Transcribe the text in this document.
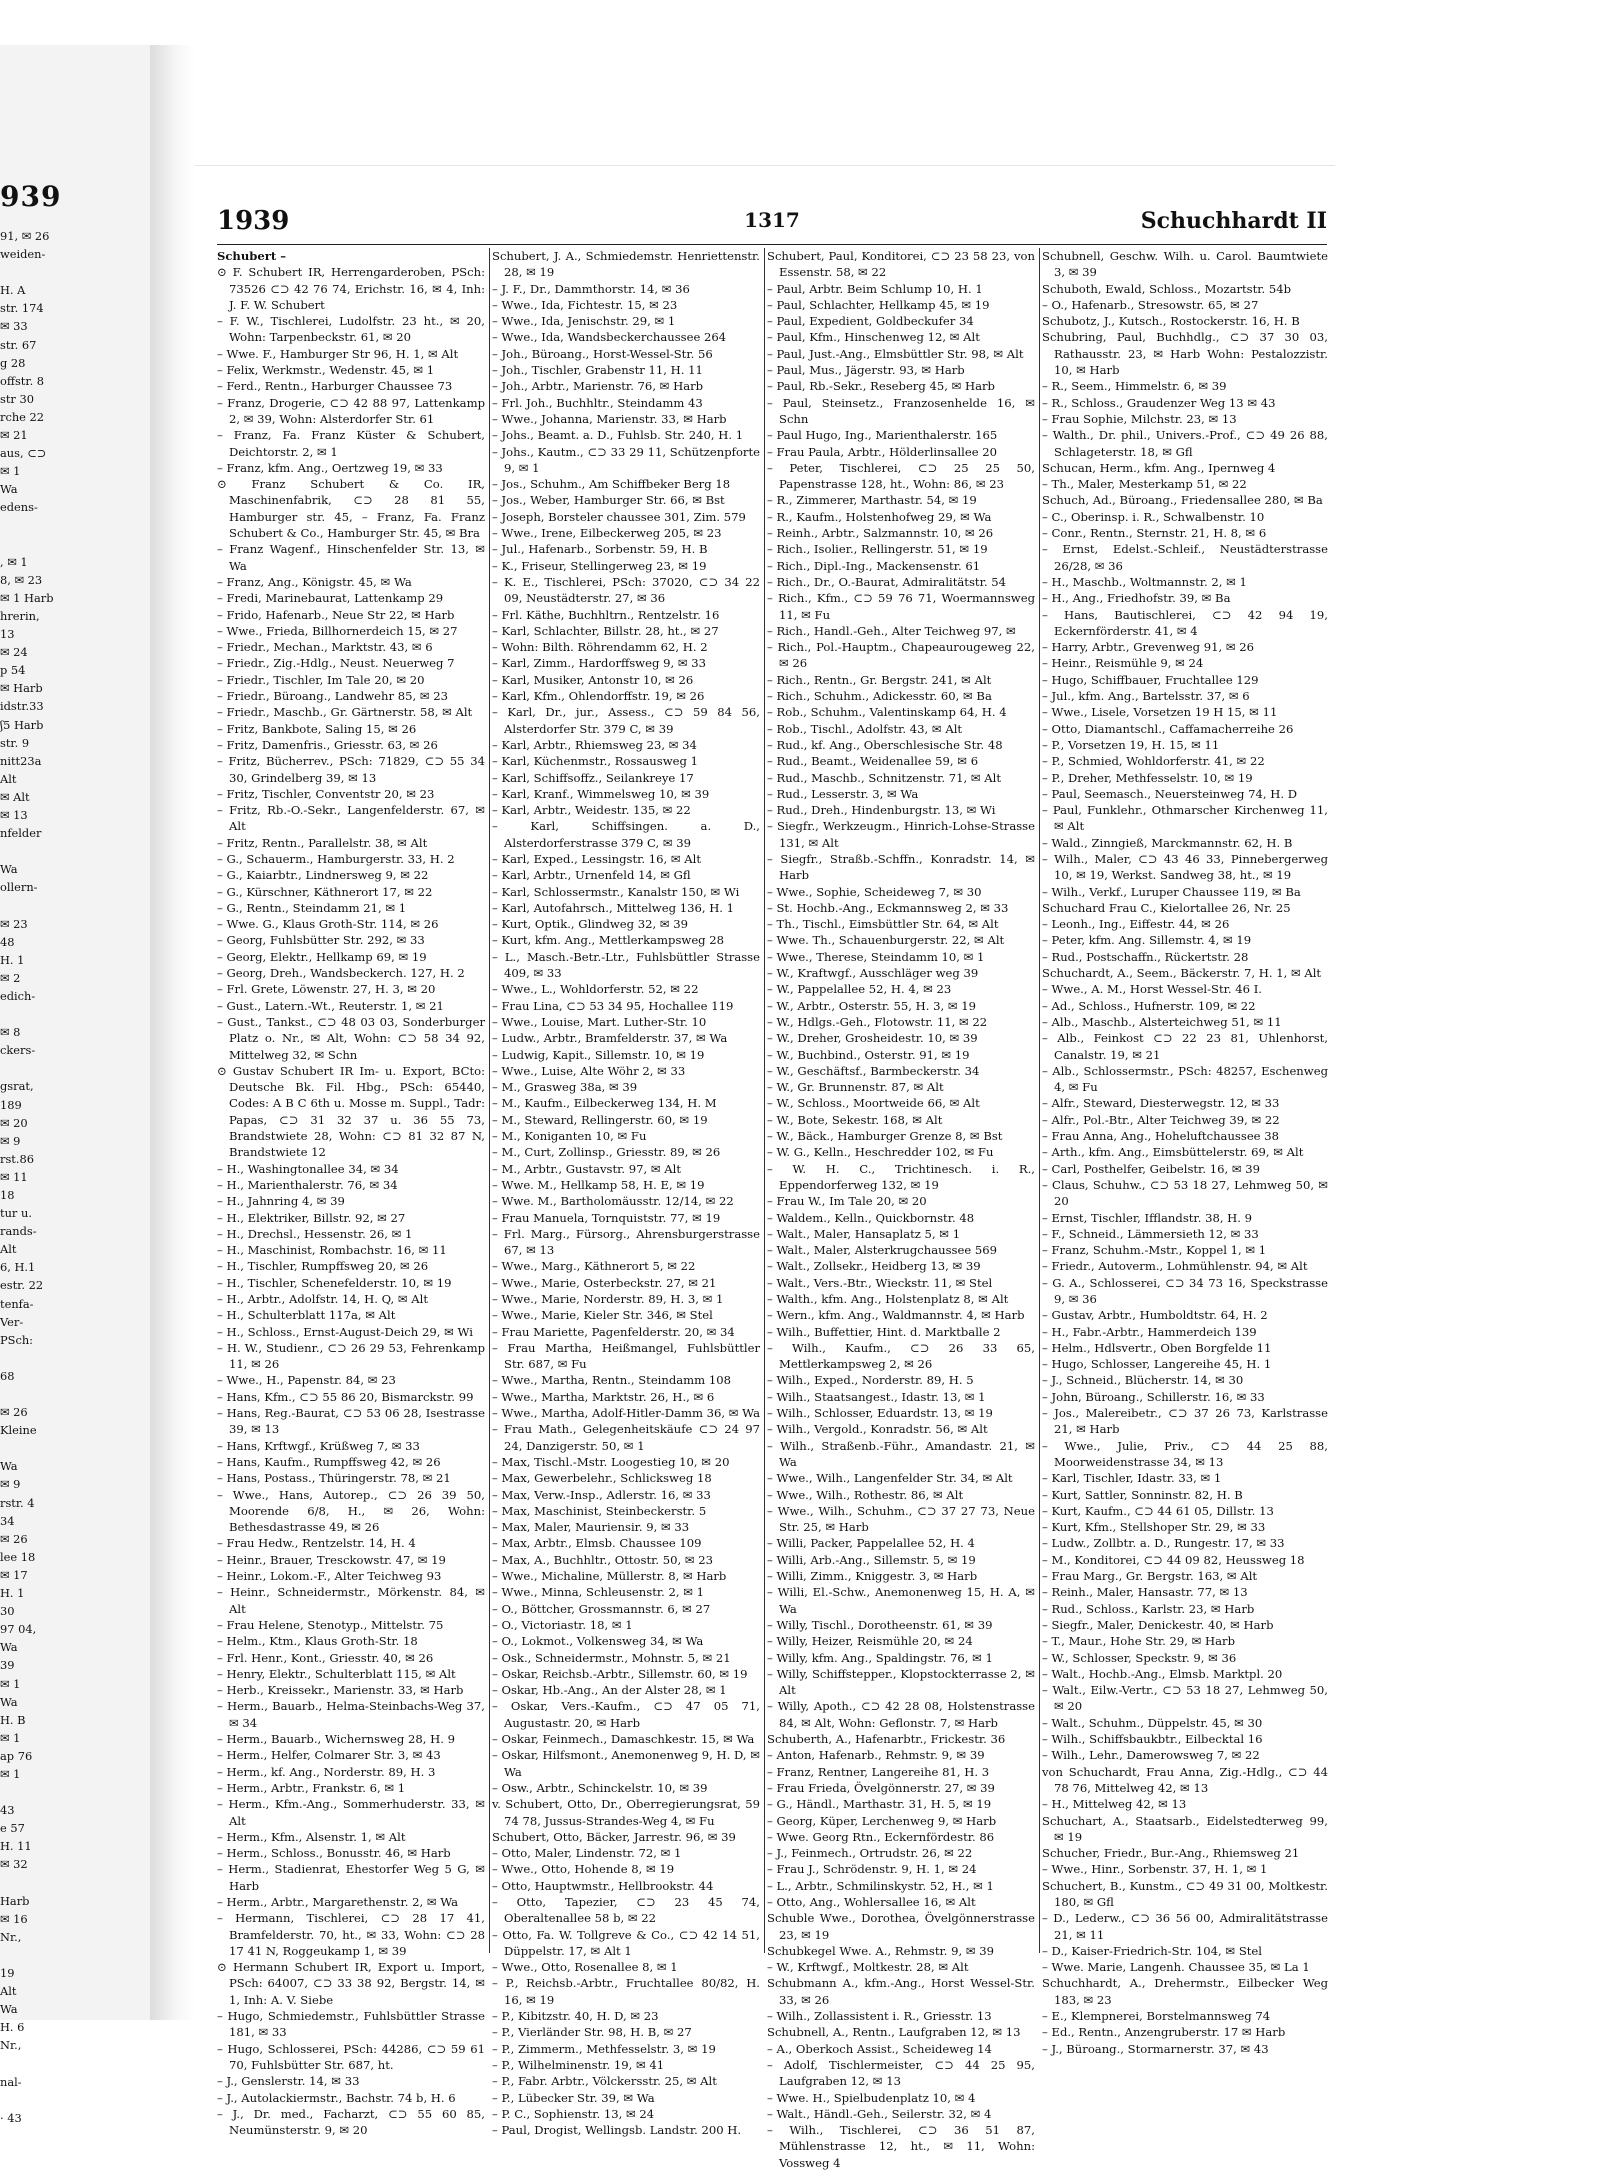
939
91, ✉ 26
weiden-

H. A
str. 174
✉ 33
str. 67
g 28
offstr. 8
str 30
rche 22
✉ 21
aus, ⊂⊃
✉ 1
Wa
edens-

, ✉ 1
8, ✉ 23
✉ 1 Harb
hrerin,
13
✉ 24
p 54
✉ Harb
idstr.33
ʃ5 Harb
str. 9
nitt23a
Alt
✉ Alt
✉ 13
nfelder

Wa
ollern-

✉ 23
48
H. 1
✉ 2
edich-

✉ 8
ckers-

gsrat,
189
✉ 20
✉ 9
rst.86
✉ 11
18
tur u.
rands-
Alt
6, H.1
estr. 22
tenfa-
Ver-
PSch:

68

✉ 26
Kleine

Wa
✉ 9
rstr. 4
34
✉ 26
lee 18
✉ 17
H. 1
30
97 04,
Wa
39
✉ 1
Wa
H. B
✉ 1
ap 76
✉ 1

43
e 57
H. 11
✉ 32

Harb
✉ 16
Nr.,

19
Alt
Wa
H. 6
Nr.,

nal-

· 43
1939	1317	Schuchhardt II
Schubert –
⊙ F. Schubert IR, Herrengarderoben, PSch: 73526 ⊂⊃ 42 76 74, Erichstr. 16, ✉ 4, Inh: J. F. W. Schubert
– F. W., Tischlerei, Ludolfstr. 23 ht., ✉ 20, Wohn: Tarpenbeckstr. 61, ✉ 20
– Wwe. F., Hamburger Str 96, H. 1, ✉ Alt
– Felix, Werkmstr., Wedenstr. 45, ✉ 1
– Ferd., Rentn., Harburger Chaussee 73
– Franz, Drogerie, ⊂⊃ 42 88 97, Lattenkamp 2, ✉ 39, Wohn: Alsterdorfer Str. 61
– Franz, Fa. Franz Küster & Schubert, Deichtorstr. 2, ✉ 1
– Franz, kfm. Ang., Oertzweg 19, ✉ 33
⊙ Franz Schubert & Co. IR, Maschinenfabrik, ⊂⊃ 28 81 55, Hamburger str. 45, – Franz, Fa. Franz Schubert & Co., Hamburger Str. 45, ✉ Bra
– Franz Wagenf., Hinschenfelder Str. 13, ✉ Wa
– Franz, Ang., Königstr. 45, ✉ Wa
– Fredi, Marinebaurat, Lattenkamp 29
– Frido, Hafenarb., Neue Str 22, ✉ Harb
– Wwe., Frieda, Billhornerdeich 15, ✉ 27
– Friedr., Mechan., Marktstr. 43, ✉ 6
– Friedr., Zig.-Hdlg., Neust. Neuerweg 7
– Friedr., Tischler, Im Tale 20, ✉ 20
– Friedr., Büroang., Landwehr 85, ✉ 23
– Friedr., Maschb., Gr. Gärtnerstr. 58, ✉ Alt
– Fritz, Bankbote, Saling 15, ✉ 26
– Fritz, Damenfris., Griesstr. 63, ✉ 26
– Fritz, Bücherrev., PSch: 71829, ⊂⊃ 55 34 30, Grindelberg 39, ✉ 13
– Fritz, Tischler, Conventstr 20, ✉ 23
– Fritz, Rb.-O.-Sekr., Langenfelderstr. 67, ✉ Alt
– Fritz, Rentn., Parallelstr. 38, ✉ Alt
– G., Schauerm., Hamburgerstr. 33, H. 2
– G., Kaiarbtr., Lindnersweg 9, ✉ 22
– G., Kürschner, Käthnerort 17, ✉ 22
– G., Rentn., Steindamm 21, ✉ 1
– Wwe. G., Klaus Groth-Str. 114, ✉ 26
– Georg, Fuhlsbütter Str. 292, ✉ 33
– Georg, Elektr., Hellkamp 69, ✉ 19
– Georg, Dreh., Wandsbeckerch. 127, H. 2
– Frl. Grete, Löwenstr. 27, H. 3, ✉ 20
– Gust., Latern.-Wt., Reuterstr. 1, ✉ 21
– Gust., Tankst., ⊂⊃ 48 03 03, Sonderburger Platz o. Nr., ✉ Alt, Wohn: ⊂⊃ 58 34 92, Mittelweg 32, ✉ Schn
⊙ Gustav Schubert IR Im- u. Export, BCto: Deutsche Bk. Fil. Hbg., PSch: 65440, Codes: A B C 6th u. Mosse m. Suppl., Tadr: Papas, ⊂⊃ 31 32 37 u. 36 55 73, Brandstwiete 28, Wohn: ⊂⊃ 81 32 87 N, Brandstwiete 12
– H., Washingtonallee 34, ✉ 34
– H., Marienthalerstr. 76, ✉ 34
– H., Jahnring 4, ✉ 39
– H., Elektriker, Billstr. 92, ✉ 27
– H., Drechsl., Hessenstr. 26, ✉ 1
– H., Maschinist, Rombachstr. 16, ✉ 11
– H., Tischler, Rumpffsweg 20, ✉ 26
– H., Tischler, Schenefelderstr. 10, ✉ 19
– H., Arbtr., Adolfstr. 14, H. Q, ✉ Alt
– H., Schulterblatt 117a, ✉ Alt
– H., Schloss., Ernst-August-Deich 29, ✉ Wi
– H. W., Studienr., ⊂⊃ 26 29 53, Fehrenkamp 11, ✉ 26
– Wwe., H., Papenstr. 84, ✉ 23
– Hans, Kfm., ⊂⊃ 55 86 20, Bismarckstr. 99
– Hans, Reg.-Baurat, ⊂⊃ 53 06 28, Isestrasse 39, ✉ 13
– Hans, Krftwgf., Krüßweg 7, ✉ 33
– Hans, Kaufm., Rumpffsweg 42, ✉ 26
– Hans, Postass., Thüringerstr. 78, ✉ 21
– Wwe., Hans, Autorep., ⊂⊃ 26 39 50, Moorende 6/8, H., ✉ 26, Wohn: Bethesdastrasse 49, ✉ 26
– Frau Hedw., Rentzelstr. 14, H. 4
– Heinr., Brauer, Tresckowstr. 47, ✉ 19
– Heinr., Lokom.-F., Alter Teichweg 93
– Heinr., Schneidermstr., Mörkenstr. 84, ✉ Alt
– Frau Helene, Stenotyp., Mittelstr. 75
– Helm., Ktm., Klaus Groth-Str. 18
– Frl. Henr., Kont., Griesstr. 40, ✉ 26
– Henry, Elektr., Schulterblatt 115, ✉ Alt
– Herb., Kreissekr., Marienstr. 33, ✉ Harb
– Herm., Bauarb., Helma-Steinbachs-Weg 37, ✉ 34
– Herm., Bauarb., Wichernsweg 28, H. 9
– Herm., Helfer, Colmarer Str. 3, ✉ 43
– Herm., kf. Ang., Norderstr. 89, H. 3
– Herm., Arbtr., Frankstr. 6, ✉ 1
– Herm., Kfm.-Ang., Sommerhuderstr. 33, ✉ Alt
– Herm., Kfm., Alsenstr. 1, ✉ Alt
– Herm., Schloss., Bonusstr. 46, ✉ Harb
– Herm., Stadienrat, Ehestorfer Weg 5 G, ✉ Harb
– Herm., Arbtr., Margarethenstr. 2, ✉ Wa
– Hermann, Tischlerei, ⊂⊃ 28 17 41, Bramfelderstr. 70, ht., ✉ 33, Wohn: ⊂⊃ 28 17 41 N, Roggeukamp 1, ✉ 39
⊙ Hermann Schubert IR, Export u. Import, PSch: 64007, ⊂⊃ 33 38 92, Bergstr. 14, ✉ 1, Inh: A. V. Siebe
– Hugo, Schmiedemstr., Fuhlsbüttler Strasse 181, ✉ 33
– Hugo, Schlosserei, PSch: 44286, ⊂⊃ 59 61 70, Fuhlsbütter Str. 687, ht.
– J., Genslerstr. 14, ✉ 33
– J., Autolackiermstr., Bachstr. 74 b, H. 6
– J., Dr. med., Facharzt, ⊂⊃ 55 60 85, Neumünsterstr. 9, ✉ 20
Schubert, J. A., Schmiedemstr. Henriettenstr. 28, ✉ 19
– J. F., Dr., Dammthorstr. 14, ✉ 36
– Wwe., Ida, Fichtestr. 15, ✉ 23
– Wwe., Ida, Jenischstr. 29, ✉ 1
– Wwe., Ida, Wandsbeckerchaussee 264
– Joh., Büroang., Horst-Wessel-Str. 56
– Joh., Tischler, Grabenstr 11, H. 11
– Joh., Arbtr., Marienstr. 76, ✉ Harb
– Frl. Joh., Buchhltr., Steindamm 43
– Wwe., Johanna, Marienstr. 33, ✉ Harb
– Johs., Beamt. a. D., Fuhlsb. Str. 240, H. 1
– Johs., Kautm., ⊂⊃ 33 29 11, Schützenpforte 9, ✉ 1
– Jos., Schuhm., Am Schiffbeker Berg 18
– Jos., Weber, Hamburger Str. 66, ✉ Bst
– Joseph, Borsteler chaussee 301, Zim. 579
– Wwe., Irene, Eilbeckerweg 205, ✉ 23
– Jul., Hafenarb., Sorbenstr. 59, H. B
– K., Friseur, Stellingerweg 23, ✉ 19
– K. E., Tischlerei, PSch: 37020, ⊂⊃ 34 22 09, Neustädterstr. 27, ✉ 36
– Frl. Käthe, Buchhltrn., Rentzelstr. 16
– Karl, Schlachter, Billstr. 28, ht., ✉ 27
– Wohn: Bilth. Röhrendamm 62, H. 2
– Karl, Zimm., Hardorffsweg 9, ✉ 33
– Karl, Musiker, Antonstr 10, ✉ 26
– Karl, Kfm., Ohlendorffstr. 19, ✉ 26
– Karl, Dr., jur., Assess., ⊂⊃ 59 84 56, Alsterdorfer Str. 379 C, ✉ 39
– Karl, Arbtr., Rhiemsweg 23, ✉ 34
– Karl, Küchenmstr., Rossausweg 1
– Karl, Schiffsoffz., Seilankreye 17
– Karl, Kranf., Wimmelsweg 10, ✉ 39
– Karl, Arbtr., Weidestr. 135, ✉ 22
– Karl, Schiffsingen. a. D., Alsterdorferstrasse 379 C, ✉ 39
– Karl, Exped., Lessingstr. 16, ✉ Alt
– Karl, Arbtr., Urnenfeld 14, ✉ Gfl
– Karl, Schlossermstr., Kanalstr 150, ✉ Wi
– Karl, Autofahrsch., Mittelweg 136, H. 1
– Kurt, Optik., Glindweg 32, ✉ 39
– Kurt, kfm. Ang., Mettlerkampsweg 28
– L., Masch.-Betr.-Ltr., Fuhlsbüttler Strasse 409, ✉ 33
– Wwe., L., Wohldorferstr. 52, ✉ 22
– Frau Lina, ⊂⊃ 53 34 95, Hochallee 119
– Wwe., Louise, Mart. Luther-Str. 10
– Ludw., Arbtr., Bramfelderstr. 37, ✉ Wa
– Ludwig, Kapit., Sillemstr. 10, ✉ 19
– Wwe., Luise, Alte Wöhr 2, ✉ 33
– M., Grasweg 38a, ✉ 39
– M., Kaufm., Eilbeckerweg 134, H. M
– M., Steward, Rellingerstr. 60, ✉ 19
– M., Koniganten 10, ✉ Fu
– M., Curt, Zollinsp., Griesstr. 89, ✉ 26
– M., Arbtr., Gustavstr. 97, ✉ Alt
– Wwe. M., Hellkamp 58, H. E, ✉ 19
– Wwe. M., Bartholomäusstr. 12/14, ✉ 22
– Frau Manuela, Tornquiststr. 77, ✉ 19
– Frl. Marg., Fürsorg., Ahrensburgerstrasse 67, ✉ 13
– Wwe., Marg., Käthnerort 5, ✉ 22
– Wwe., Marie, Osterbeckstr. 27, ✉ 21
– Wwe., Marie, Norderstr. 89, H. 3, ✉ 1
– Wwe., Marie, Kieler Str. 346, ✉ Stel
– Frau Mariette, Pagenfelderstr. 20, ✉ 34
– Frau Martha, Heißmangel, Fuhlsbüttler Str. 687, ✉ Fu
– Wwe., Martha, Rentn., Steindamm 108
– Wwe., Martha, Marktstr. 26, H., ✉ 6
– Wwe., Martha, Adolf-Hitler-Damm 36, ✉ Wa
– Frau Math., Gelegenheitskäufe ⊂⊃ 24 97 24, Danzigerstr. 50, ✉ 1
– Max, Tischl.-Mstr. Loogestieg 10, ✉ 20
– Max, Gewerbelehr., Schlicksweg 18
– Max, Verw.-Insp., Adlerstr. 16, ✉ 33
– Max, Maschinist, Steinbeckerstr. 5
– Max, Maler, Mauriensir. 9, ✉ 33
– Max, Arbtr., Elmsb. Chaussee 109
– Max, A., Buchhltr., Ottostr. 50, ✉ 23
– Wwe., Michaline, Müllerstr. 8, ✉ Harb
– Wwe., Minna, Schleusenstr. 2, ✉ 1
– O., Böttcher, Grossmannstr. 6, ✉ 27
– O., Victoriastr. 18, ✉ 1
– O., Lokmot., Volkensweg 34, ✉ Wa
– Osk., Schneidermstr., Mohnstr. 5, ✉ 21
– Oskar, Reichsb.-Arbtr., Sillemstr. 60, ✉ 19
– Oskar, Hb.-Ang., An der Alster 28, ✉ 1
– Oskar, Vers.-Kaufm., ⊂⊃ 47 05 71, Augustastr. 20, ✉ Harb
– Oskar, Feinmech., Damaschkestr. 15, ✉ Wa
– Oskar, Hilfsmont., Anemonenweg 9, H. D, ✉ Wa
– Osw., Arbtr., Schinckelstr. 10, ✉ 39
v. Schubert, Otto, Dr., Oberregierungsrat, 59 74 78, Jussus-Strandes-Weg 4, ✉ Fu
Schubert, Otto, Bäcker, Jarrestr. 96, ✉ 39
– Otto, Maler, Lindenstr. 72, ✉ 1
– Wwe., Otto, Hohende 8, ✉ 19
– Otto, Hauptwmstr., Hellbrookstr. 44
– Otto, Tapezier, ⊂⊃ 23 45 74, Oberaltenallee 58 b, ✉ 22
– Otto, Fa. W. Tollgreve & Co., ⊂⊃ 42 14 51, Düppelstr. 17, ✉ Alt 1
– Wwe., Otto, Rosenallee 8, ✉ 1
– P., Reichsb.-Arbtr., Fruchtallee 80/82, H. 16, ✉ 19
– P., Kibitzstr. 40, H. D, ✉ 23
– P., Vierländer Str. 98, H. B, ✉ 27
– P., Zimmerm., Methfesselstr. 3, ✉ 19
– P., Wilhelminenstr. 19, ✉ 41
– P., Fabr. Arbtr., Völckersstr. 25, ✉ Alt
– P., Lübecker Str. 39, ✉ Wa
– P. C., Sophienstr. 13, ✉ 24
– Paul, Drogist, Wellingsb. Landstr. 200 H.
Schubert, Paul, Konditorei, ⊂⊃ 23 58 23, von Essenstr. 58, ✉ 22
– Paul, Arbtr. Beim Schlump 10, H. 1
– Paul, Schlachter, Hellkamp 45, ✉ 19
– Paul, Expedient, Goldbeckufer 34
– Paul, Kfm., Hinschenweg 12, ✉ Alt
– Paul, Just.-Ang., Elmsbüttler Str. 98, ✉ Alt
– Paul, Mus., Jägerstr. 93, ✉ Harb
– Paul, Rb.-Sekr., Reseberg 45, ✉ Harb
– Paul, Steinsetz., Franzosenhelde 16, ✉ Schn
– Paul Hugo, Ing., Marienthalerstr. 165
– Frau Paula, Arbtr., Hölderlinsallee 20
– Peter, Tischlerei, ⊂⊃ 25 25 50, Papenstrasse 128, ht., Wohn: 86, ✉ 23
– R., Zimmerer, Marthastr. 54, ✉ 19
– R., Kaufm., Holstenhofweg 29, ✉ Wa
– Reinh., Arbtr., Salzmannstr. 10, ✉ 26
– Rich., Isolier., Rellingerstr. 51, ✉ 19
– Rich., Dipl.-Ing., Mackensenstr. 61
– Rich., Dr., O.-Baurat, Admiralitätstr. 54
– Rich., Kfm., ⊂⊃ 59 76 71, Woermannsweg 11, ✉ Fu
– Rich., Handl.-Geh., Alter Teichweg 97, ✉
– Rich., Pol.-Hauptm., Chapeaurougeweg 22, ✉ 26
– Rich., Rentn., Gr. Bergstr. 241, ✉ Alt
– Rich., Schuhm., Adickesstr. 60, ✉ Ba
– Rob., Schuhm., Valentinskamp 64, H. 4
– Rob., Tischl., Adolfstr. 43, ✉ Alt
– Rud., kf. Ang., Oberschlesische Str. 48
– Rud., Beamt., Weidenallee 59, ✉ 6
– Rud., Maschb., Schnitzenstr. 71, ✉ Alt
– Rud., Lesserstr. 3, ✉ Wa
– Rud., Dreh., Hindenburgstr. 13, ✉ Wi
– Siegfr., Werkzeugm., Hinrich-Lohse-Strasse 131, ✉ Alt
– Siegfr., Straßb.-Schffn., Konradstr. 14, ✉ Harb
– Wwe., Sophie, Scheideweg 7, ✉ 30
– St. Hochb.-Ang., Eckmannsweg 2, ✉ 33
– Th., Tischl., Eimsbüttler Str. 64, ✉ Alt
– Wwe. Th., Schauenburgerstr. 22, ✉ Alt
– Wwe., Therese, Steindamm 10, ✉ 1
– W., Kraftwgf., Ausschläger weg 39
– W., Pappelallee 52, H. 4, ✉ 23
– W., Arbtr., Osterstr. 55, H. 3, ✉ 19
– W., Hdlgs.-Geh., Flotowstr. 11, ✉ 22
– W., Dreher, Grosheidestr. 10, ✉ 39
– W., Buchbind., Osterstr. 91, ✉ 19
– W., Geschäftsf., Barmbeckerstr. 34
– W., Gr. Brunnenstr. 87, ✉ Alt
– W., Schloss., Moortweide 66, ✉ Alt
– W., Bote, Sekestr. 168, ✉ Alt
– W., Bäck., Hamburger Grenze 8, ✉ Bst
– W. G., Kelln., Heschredder 102, ✉ Fu
– W. H. C., Trichtinesch. i. R., Eppendorferweg 132, ✉ 19
– Frau W., Im Tale 20, ✉ 20
– Waldem., Kelln., Quickbornstr. 48
– Walt., Maler, Hansaplatz 5, ✉ 1
– Walt., Maler, Alsterkrugchaussee 569
– Walt., Zollsekr., Heidberg 13, ✉ 39
– Walt., Vers.-Btr., Wieckstr. 11, ✉ Stel
– Walth., kfm. Ang., Holstenplatz 8, ✉ Alt
– Wern., kfm. Ang., Waldmannstr. 4, ✉ Harb
– Wilh., Buffettier, Hint. d. Marktballe 2
– Wilh., Kaufm., ⊂⊃ 26 33 65, Mettlerkampsweg 2, ✉ 26
– Wilh., Exped., Norderstr. 89, H. 5
– Wilh., Staatsangest., Idastr. 13, ✉ 1
– Wilh., Schlosser, Eduardstr. 13, ✉ 19
– Wilh., Vergold., Konradstr. 56, ✉ Alt
– Wilh., Straßenb.-Führ., Amandastr. 21, ✉ Wa
– Wwe., Wilh., Langenfelder Str. 34, ✉ Alt
– Wwe., Wilh., Rothestr. 86, ✉ Alt
– Wwe., Wilh., Schuhm., ⊂⊃ 37 27 73, Neue Str. 25, ✉ Harb
– Willi, Packer, Pappelallee 52, H. 4
– Willi, Arb.-Ang., Sillemstr. 5, ✉ 19
– Willi, Zimm., Kniggestr. 3, ✉ Harb
– Willi, El.-Schw., Anemonenweg 15, H. A, ✉ Wa
– Willy, Tischl., Dorotheenstr. 61, ✉ 39
– Willy, Heizer, Reismühle 20, ✉ 24
– Willy, kfm. Ang., Spaldingstr. 76, ✉ 1
– Willy, Schiffstepper., Klopstockterrasse 2, ✉ Alt
– Willy, Apoth., ⊂⊃ 42 28 08, Holstenstrasse 84, ✉ Alt, Wohn: Geflonstr. 7, ✉ Harb
Schuberth, A., Hafenarbtr., Frickestr. 36
– Anton, Hafenarb., Rehmstr. 9, ✉ 39
– Franz, Rentner, Langereihe 81, H. 3
– Frau Frieda, Övelgönnerstr. 27, ✉ 39
– G., Händl., Marthastr. 31, H. 5, ✉ 19
– Georg, Küper, Lerchenweg 9, ✉ Harb
– Wwe. Georg Rtn., Eckernfördestr. 86
– J., Feinmech., Ortrudstr. 26, ✉ 22
– Frau J., Schrödenstr. 9, H. 1, ✉ 24
– L., Arbtr., Schmilinskystr. 52, H., ✉ 1
– Otto, Ang., Wohlersallee 16, ✉ Alt
Schuble Wwe., Dorothea, Övelgönnerstrasse 23, ✉ 19
Schubkegel Wwe. A., Rehmstr. 9, ✉ 39
– W., Krftwgf., Moltkestr. 28, ✉ Alt
Schubmann A., kfm.-Ang., Horst Wessel-Str. 33, ✉ 26
– Wilh., Zollassistent i. R., Griesstr. 13
Schubnell, A., Rentn., Laufgraben 12, ✉ 13
– A., Oberkoch Assist., Scheideweg 14
– Adolf, Tischlermeister, ⊂⊃ 44 25 95, Laufgraben 12, ✉ 13
– Wwe. H., Spielbudenplatz 10, ✉ 4
– Walt., Händl.-Geh., Seilerstr. 32, ✉ 4
– Wilh., Tischlerei, ⊂⊃ 36 51 87, Mühlenstrasse 12, ht., ✉ 11, Wohn: Vossweg 4
Schubnell, Geschw. Wilh. u. Carol. Baumtwiete 3, ✉ 39
Schuboth, Ewald, Schloss., Mozartstr. 54b
– O., Hafenarb., Stresowstr. 65, ✉ 27
Schubotz, J., Kutsch., Rostockerstr. 16, H. B
Schubring, Paul, Buchhdlg., ⊂⊃ 37 30 03, Rathausstr. 23, ✉ Harb Wohn: Pestalozzistr. 10, ✉ Harb
– R., Seem., Himmelstr. 6, ✉ 39
– R., Schloss., Graudenzer Weg 13 ✉ 43
– Frau Sophie, Milchstr. 23, ✉ 13
– Walth., Dr. phil., Univers.-Prof., ⊂⊃ 49 26 88, Schlageterstr. 18, ✉ Gfl
Schucan, Herm., kfm. Ang., Ipernweg 4
– Th., Maler, Mesterkamp 51, ✉ 22
Schuch, Ad., Büroang., Friedensallee 280, ✉ Ba
– C., Oberinsp. i. R., Schwalbenstr. 10
– Conr., Rentn., Sternstr. 21, H. 8, ✉ 6
– Ernst, Edelst.-Schleif., Neustädterstrasse 26/28, ✉ 36
– H., Maschb., Woltmannstr. 2, ✉ 1
– H., Ang., Friedhofstr. 39, ✉ Ba
– Hans, Bautischlerei, ⊂⊃ 42 94 19, Eckernförderstr. 41, ✉ 4
– Harry, Arbtr., Grevenweg 91, ✉ 26
– Heinr., Reismühle 9, ✉ 24
– Hugo, Schiffbauer, Fruchtallee 129
– Jul., kfm. Ang., Bartelsstr. 37, ✉ 6
– Wwe., Lisele, Vorsetzen 19 H 15, ✉ 11
– Otto, Diamantschl., Caffamacherreihe 26
– P., Vorsetzen 19, H. 15, ✉ 11
– P., Schmied, Wohldorferstr. 41, ✉ 22
– P., Dreher, Methfesselstr. 10, ✉ 19
– Paul, Seemasch., Neuersteinweg 74, H. D
– Paul, Funklehr., Othmarscher Kirchenweg 11, ✉ Alt
– Wald., Zinngieß, Marckmannstr. 62, H. B
– Wilh., Maler, ⊂⊃ 43 46 33, Pinnebergerweg 10, ✉ 19, Werkst. Sandweg 38, ht., ✉ 19
– Wilh., Verkf., Luruper Chaussee 119, ✉ Ba
Schuchard Frau C., Kielortallee 26, Nr. 25
– Leonh., Ing., Eiffestr. 44, ✉ 26
– Peter, kfm. Ang. Sillemstr. 4, ✉ 19
– Rud., Postschaffn., Rückertstr. 28
Schuchardt, A., Seem., Bäckerstr. 7, H. 1, ✉ Alt
– Wwe., A. M., Horst Wessel-Str. 46 I.
– Ad., Schloss., Hufnerstr. 109, ✉ 22
– Alb., Maschb., Alsterteichweg 51, ✉ 11
– Alb., Feinkost ⊂⊃ 22 23 81, Uhlenhorst, Canalstr. 19, ✉ 21
– Alb., Schlossermstr., PSch: 48257, Eschenweg 4, ✉ Fu
– Alfr., Steward, Diesterwegstr. 12, ✉ 33
– Alfr., Pol.-Btr., Alter Teichweg 39, ✉ 22
– Frau Anna, Ang., Hoheluftchaussee 38
– Arth., kfm. Ang., Eimsbüttelerstr. 69, ✉ Alt
– Carl, Posthelfer, Geibelstr. 16, ✉ 39
– Claus, Schuhw., ⊂⊃ 53 18 27, Lehmweg 50, ✉ 20
– Ernst, Tischler, Ifflandstr. 38, H. 9
– F., Schneid., Lämmersieth 12, ✉ 33
– Franz, Schuhm.-Mstr., Koppel 1, ✉ 1
– Friedr., Autoverm., Lohmühlenstr. 94, ✉ Alt
– G. A., Schlosserei, ⊂⊃ 34 73 16, Speckstrasse 9, ✉ 36
– Gustav, Arbtr., Humboldtstr. 64, H. 2
– H., Fabr.-Arbtr., Hammerdeich 139
– Helm., Hdlsvertr., Oben Borgfelde 11
– Hugo, Schlosser, Langereihe 45, H. 1
– J., Schneid., Blücherstr. 14, ✉ 30
– John, Büroang., Schillerstr. 16, ✉ 33
– Jos., Malereibetr., ⊂⊃ 37 26 73, Karlstrasse 21, ✉ Harb
– Wwe., Julie, Priv., ⊂⊃ 44 25 88, Moorweidenstrasse 34, ✉ 13
– Karl, Tischler, Idastr. 33, ✉ 1
– Kurt, Sattler, Sonninstr. 82, H. B
– Kurt, Kaufm., ⊂⊃ 44 61 05, Dillstr. 13
– Kurt, Kfm., Stellshoper Str. 29, ✉ 33
– Ludw., Zollbtr. a. D., Rungestr. 17, ✉ 33
– M., Konditorei, ⊂⊃ 44 09 82, Heussweg 18
– Frau Marg., Gr. Bergstr. 163, ✉ Alt
– Reinh., Maler, Hansastr. 77, ✉ 13
– Rud., Schloss., Karlstr. 23, ✉ Harb
– Siegfr., Maler, Denickestr. 40, ✉ Harb
– T., Maur., Hohe Str. 29, ✉ Harb
– W., Schlosser, Speckstr. 9, ✉ 36
– Walt., Hochb.-Ang., Elmsb. Marktpl. 20
– Walt., Eilw.-Vertr., ⊂⊃ 53 18 27, Lehmweg 50, ✉ 20
– Walt., Schuhm., Düppelstr. 45, ✉ 30
– Wilh., Schiffsbaukbtr., Eilbecktal 16
– Wilh., Lehr., Damerowsweg 7, ✉ 22
von Schuchardt, Frau Anna, Zig.-Hdlg., ⊂⊃ 44 78 76, Mittelweg 42, ✉ 13
– H., Mittelweg 42, ✉ 13
Schuchart, A., Staatsarb., Eidelstedterweg 99, ✉ 19
Schucher, Friedr., Bur.-Ang., Rhiemsweg 21
– Wwe., Hinr., Sorbenstr. 37, H. 1, ✉ 1
Schuchert, B., Kunstm., ⊂⊃ 49 31 00, Moltkestr. 180, ✉ Gfl
– D., Lederw., ⊂⊃ 36 56 00, Admiralitätstrasse 21, ✉ 11
– D., Kaiser-Friedrich-Str. 104, ✉ Stel
– Wwe. Marie, Langenh. Chaussee 35, ✉ La 1
Schuchhardt, A., Drehermstr., Eilbecker Weg 183, ✉ 23
– E., Klempnerei, Borstelmannsweg 74
– Ed., Rentn., Anzengruberstr. 17 ✉ Harb
– J., Büroang., Stormarnerstr. 37, ✉ 43
